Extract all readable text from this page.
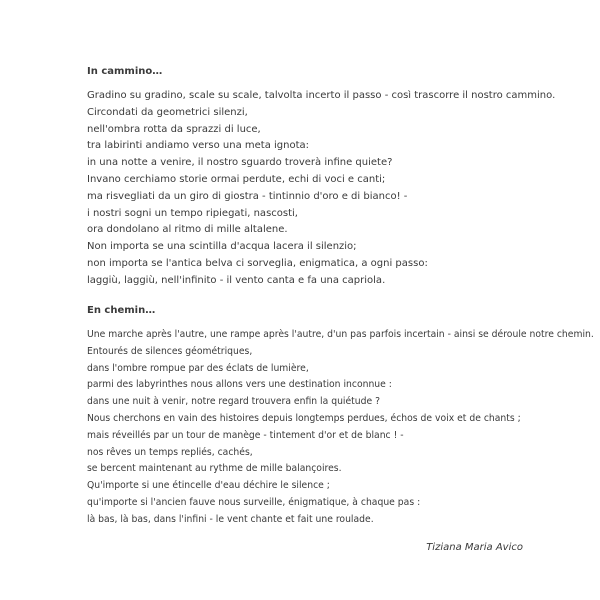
In cammino…
Gradino su gradino, scale su scale, talvolta incerto il passo - così trascorre il nostro cammino.
Circondati da geometrici silenzi,
nell'ombra rotta da sprazzi di luce,
tra labirinti andiamo verso una meta ignota:
in una notte a venire, il nostro sguardo troverà infine quiete?
Invano cerchiamo storie ormai perdute, echi di voci e canti;
ma risvegliati da un giro di giostra - tintinnio d'oro e di bianco! -
i nostri sogni un tempo ripiegati, nascosti,
ora dondolano al ritmo di mille altalene.
Non importa se una scintilla d'acqua lacera il silenzio;
non importa se l'antica belva ci sorveglia, enigmatica, a ogni passo:
laggiù, laggiù, nell'infinito - il vento canta e fa una capriola.
En chemin…
Une marche après l'autre, une rampe après l'autre, d'un pas parfois incertain - ainsi se déroule notre chemin.
Entourés de silences géométriques,
dans l'ombre rompue par des éclats de lumière,
parmi des labyrinthes nous allons vers une destination inconnue :
dans une nuit à venir, notre regard trouvera enfin la quiétude ?
Nous cherchons en vain des histoires depuis longtemps perdues, échos de voix et de chants ;
mais réveillés par un tour de manège - tintement d'or et de blanc ! -
nos rêves un temps repliés, cachés,
se bercent maintenant au rythme de mille balançoires.
Qu'importe si une étincelle d'eau déchire le silence ;
qu'importe si l'ancien fauve nous surveille, énigmatique, à chaque pas :
là bas, là bas, dans l'infini - le vent chante et fait une roulade.
Tiziana Maria Avico
